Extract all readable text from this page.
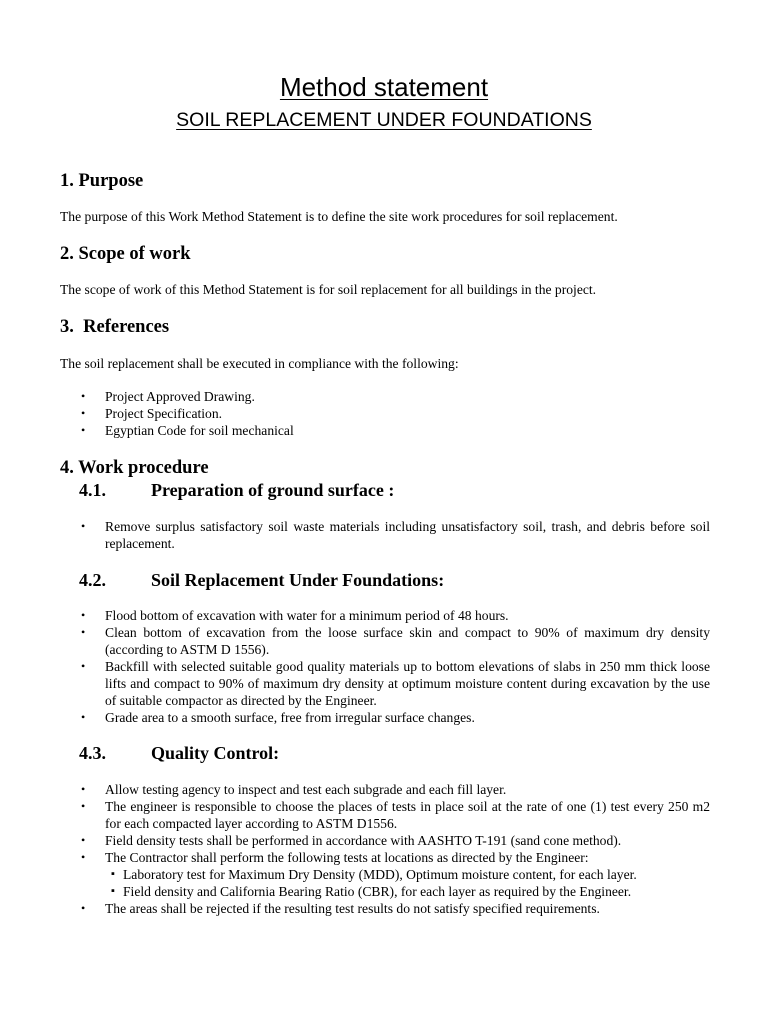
Method statement
SOIL REPLACEMENT UNDER FOUNDATIONS
1. Purpose
The purpose of this Work Method Statement is to define the site work procedures for soil replacement.
2. Scope of work
The scope of work of this Method Statement is for soil replacement for all buildings in the project.
3. References
The soil replacement shall be executed in compliance with the following:
• Project Approved Drawing.
• Project Specification.
• Egyptian Code for soil mechanical
4. Work procedure
4.1.	Preparation of ground surface :
• Remove surplus satisfactory soil waste materials including unsatisfactory soil, trash, and debris before soil replacement.
4.2.	Soil Replacement Under Foundations:
• Flood bottom of excavation with water for a minimum period of 48 hours.
• Clean bottom of excavation from the loose surface skin and compact to 90% of maximum dry density (according to ASTM D 1556).
• Backfill with selected suitable good quality materials up to bottom elevations of slabs in 250 mm thick loose lifts and compact to 90% of maximum dry density at optimum moisture content during excavation by the use of suitable compactor as directed by the Engineer.
• Grade area to a smooth surface, free from irregular surface changes.
4.3.	Quality Control:
• Allow testing agency to inspect and test each subgrade and each fill layer.
• The engineer is responsible to choose the places of tests in place soil at the rate of one (1) test every 250 m2 for each compacted layer according to ASTM D1556.
• Field density tests shall be performed in accordance with AASHTO T-191 (sand cone method).
• The Contractor shall perform the following tests at locations as directed by the Engineer:
▪ Laboratory test for Maximum Dry Density (MDD), Optimum moisture content, for each layer.
▪ Field density and California Bearing Ratio (CBR), for each layer as required by the Engineer.
• The areas shall be rejected if the resulting test results do not satisfy specified requirements.
